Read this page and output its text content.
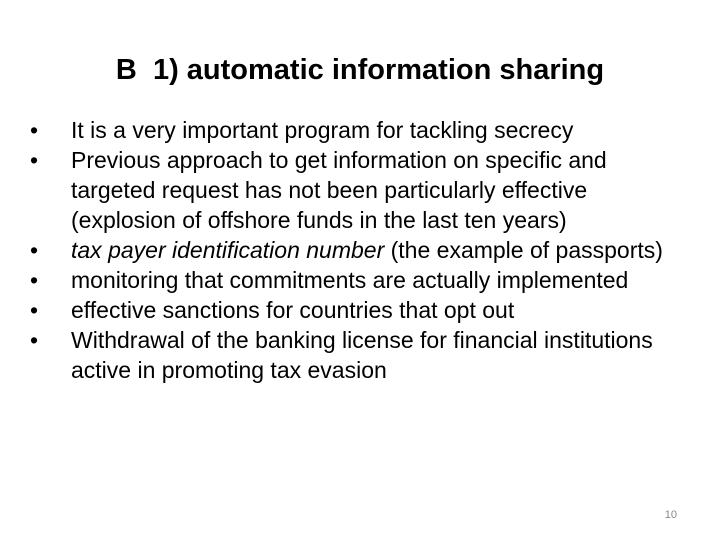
B  1) automatic information sharing
•	It is a very important program for tackling secrecy
•	Previous approach to get information on specific and targeted request has not been particularly effective (explosion of offshore funds in the last ten years)
•	tax payer identification number (the example of passports)
•	monitoring that commitments are actually implemented
•	effective sanctions for countries that opt out
•	Withdrawal of the banking license for financial institutions active in promoting tax evasion
10
